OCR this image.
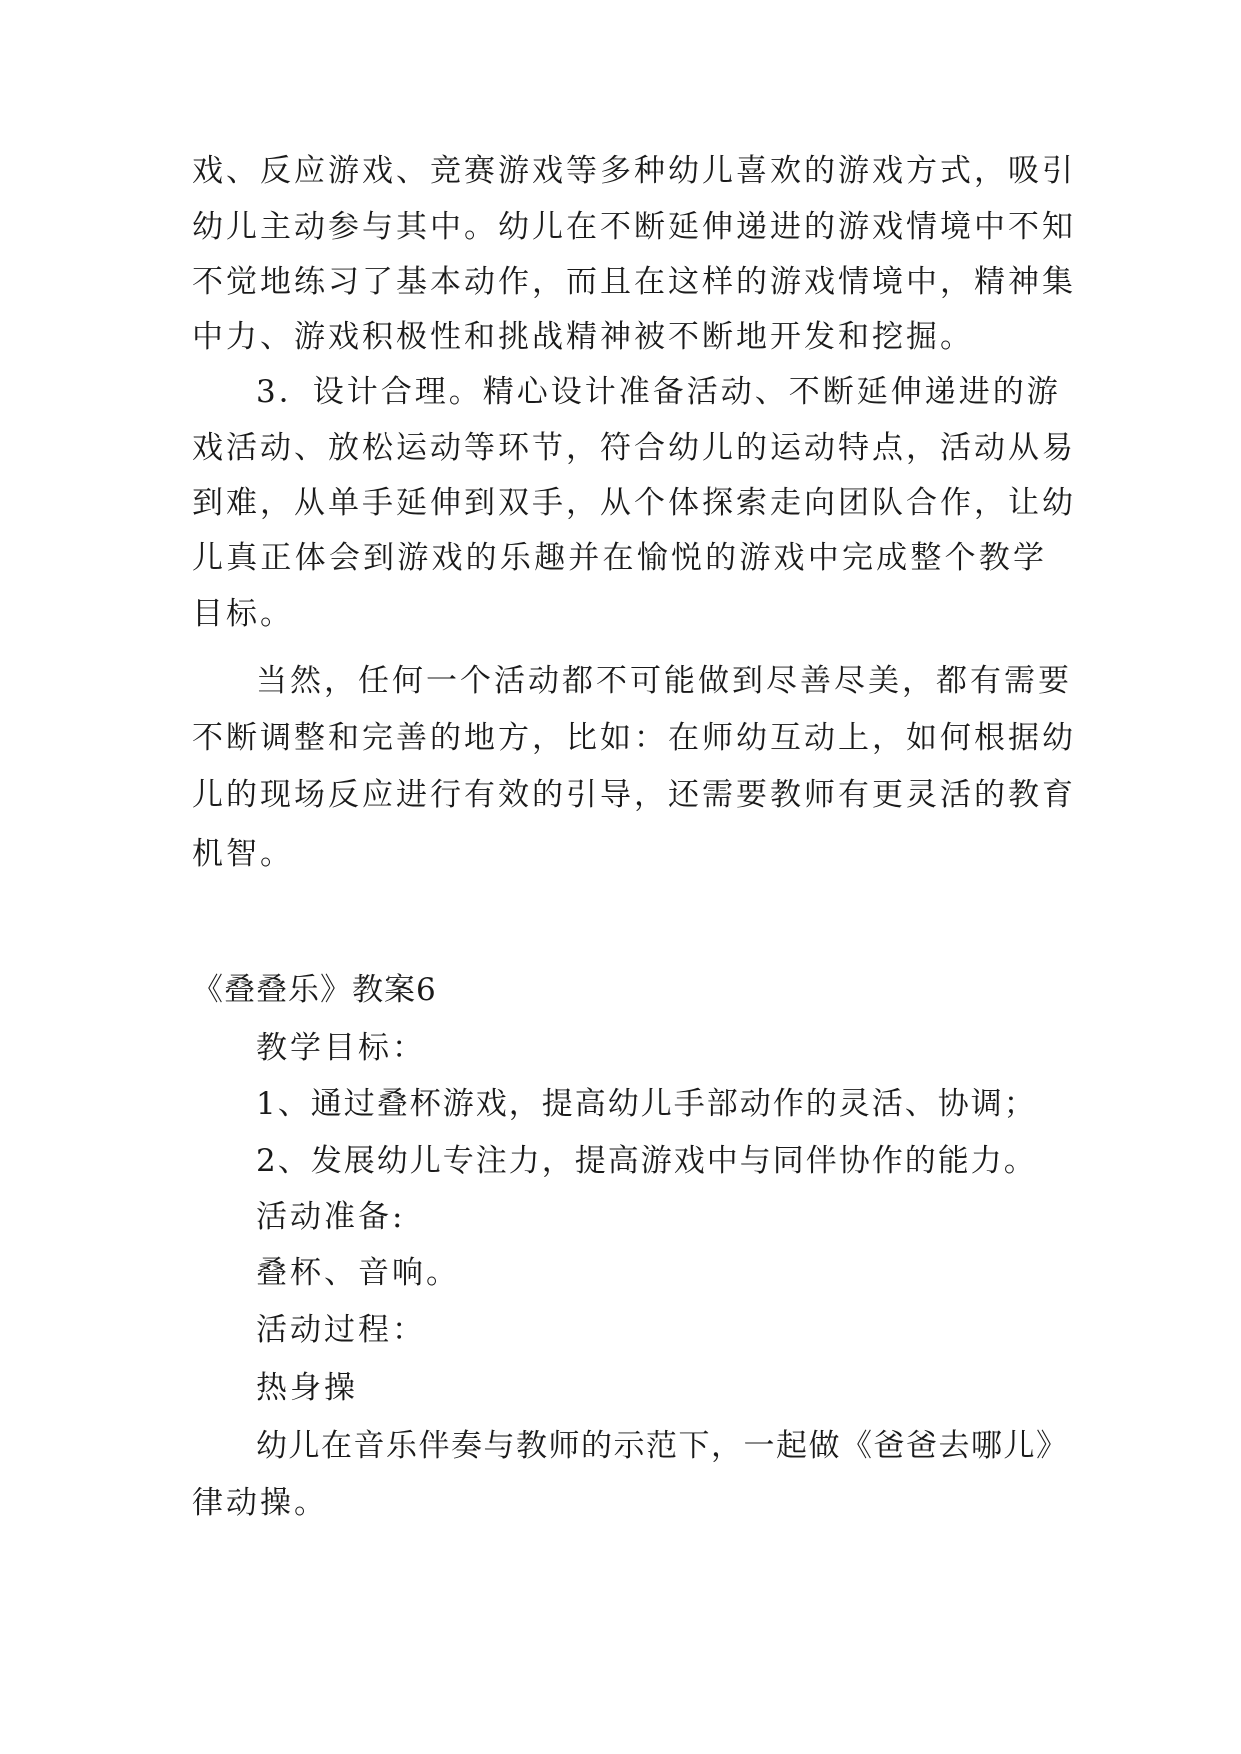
戏、反应游戏、竞赛游戏等多种幼儿喜欢的游戏方式，吸引
幼儿主动参与其中。幼儿在不断延伸递进的游戏情境中不知
不觉地练习了基本动作，而且在这样的游戏情境中，精神集
中力、游戏积极性和挑战精神被不断地开发和挖掘。
3．设计合理。精心设计准备活动、不断延伸递进的游
戏活动、放松运动等环节，符合幼儿的运动特点，活动从易
到难，从单手延伸到双手，从个体探索走向团队合作，让幼
儿真正体会到游戏的乐趣并在愉悦的游戏中完成整个教学
目标。
当然，任何一个活动都不可能做到尽善尽美，都有需要
不断调整和完善的地方，比如：在师幼互动上，如何根据幼
儿的现场反应进行有效的引导，还需要教师有更灵活的教育
机智。
《叠叠乐》教案6
教学目标：
1、通过叠杯游戏，提高幼儿手部动作的灵活、协调；
2、发展幼儿专注力，提高游戏中与同伴协作的能力。
活动准备:
叠杯、音响。
活动过程：
热身操
幼儿在音乐伴奏与教师的示范下，一起做《爸爸去哪儿》
律动操。
